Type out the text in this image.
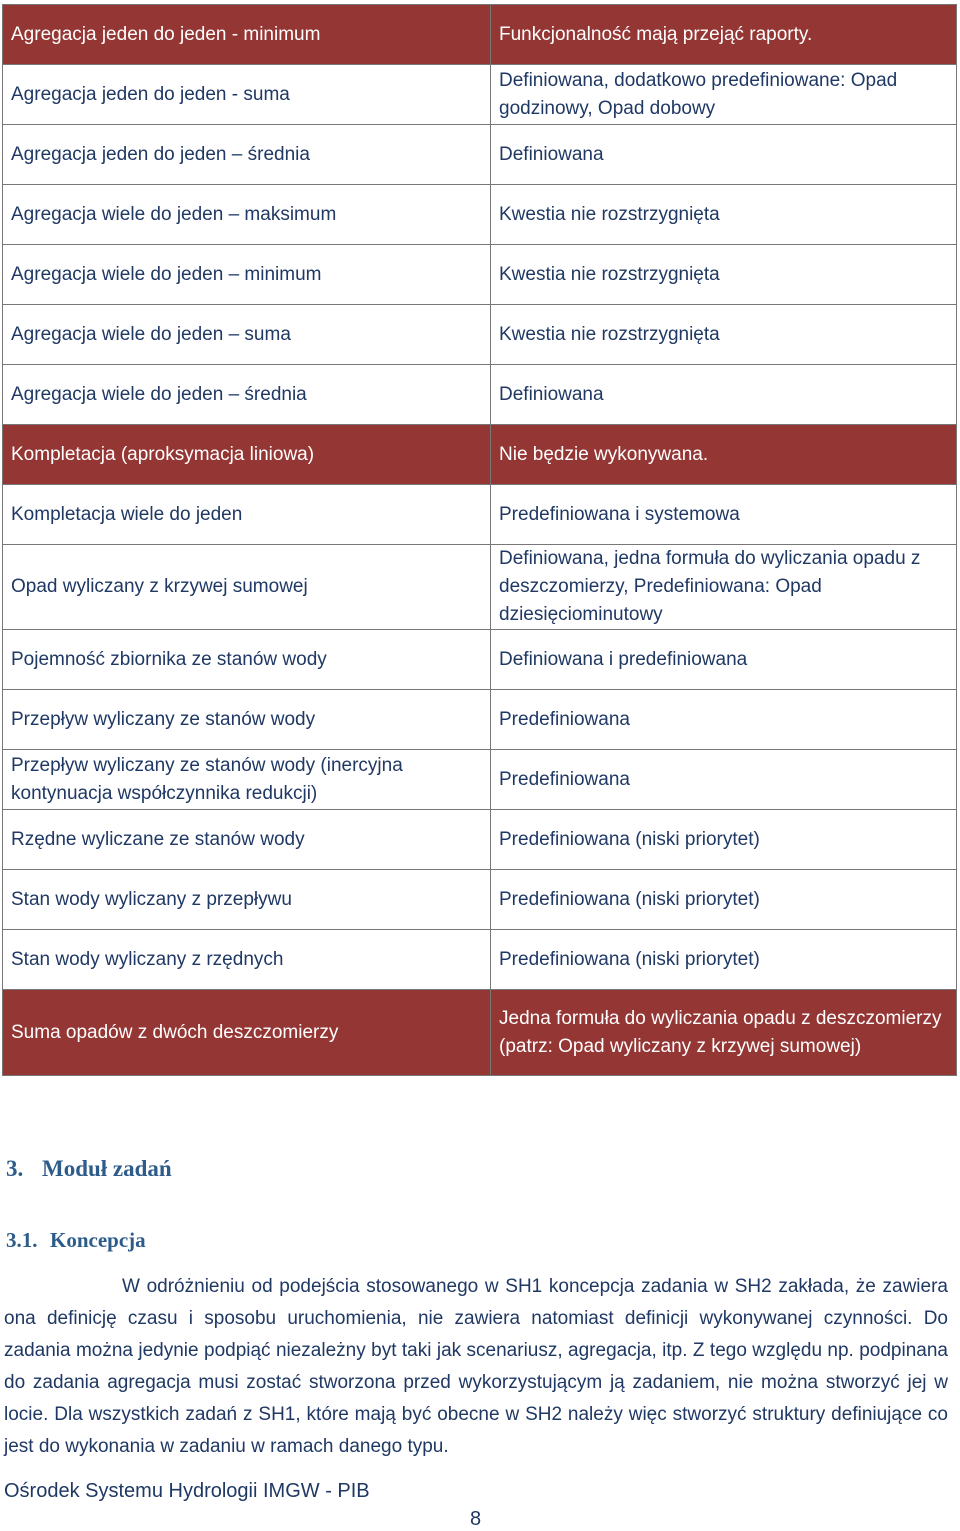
Agregacja jeden do jeden - minimum	Funkcjonalność mają przejąć raporty.
Agregacja jeden do jeden - suma	Definiowana, dodatkowo predefiniowane: Opad godzinowy, Opad dobowy
Agregacja jeden do jeden – średnia	Definiowana
Agregacja wiele do jeden – maksimum	Kwestia nie rozstrzygnięta
Agregacja wiele do jeden – minimum	Kwestia nie rozstrzygnięta
Agregacja wiele do jeden – suma	Kwestia nie rozstrzygnięta
Agregacja wiele do jeden – średnia	Definiowana
Kompletacja (aproksymacja liniowa)	Nie będzie wykonywana.
Kompletacja wiele do jeden	Predefiniowana i systemowa
Opad wyliczany z krzywej sumowej	Definiowana, jedna formuła do wyliczania opadu z deszczomierzy, Predefiniowana: Opad dziesięciominutowy
Pojemność zbiornika ze stanów wody	Definiowana i predefiniowana
Przepływ wyliczany ze stanów wody	Predefiniowana
Przepływ wyliczany ze stanów wody (inercyjna kontynuacja współczynnika redukcji)	Predefiniowana
Rzędne wyliczane ze stanów wody	Predefiniowana (niski priorytet)
Stan wody wyliczany z przepływu	Predefiniowana (niski priorytet)
Stan wody wyliczany z rzędnych	Predefiniowana (niski priorytet)
Suma opadów z dwóch deszczomierzy	Jedna formuła do wyliczania opadu z deszczomierzy (patrz: Opad wyliczany z krzywej sumowej)
3. Moduł zadań
3.1. Koncepcja
W odróżnieniu od podejścia stosowanego w SH1 koncepcja zadania w SH2 zakłada, że zawiera ona definicję czasu i sposobu uruchomienia, nie zawiera natomiast definicji wykonywanej czynności. Do zadania można jedynie podpiąć niezależny byt taki jak scenariusz, agregacja, itp. Z tego względu np. podpinana do zadania agregacja musi zostać stworzona przed wykorzystującym ją zadaniem, nie można stworzyć jej w locie. Dla wszystkich zadań z SH1, które mają być obecne w SH2 należy więc stworzyć struktury definiujące co jest do wykonania w zadaniu w ramach danego typu.
Ośrodek Systemu Hydrologii IMGW - PIB
8
